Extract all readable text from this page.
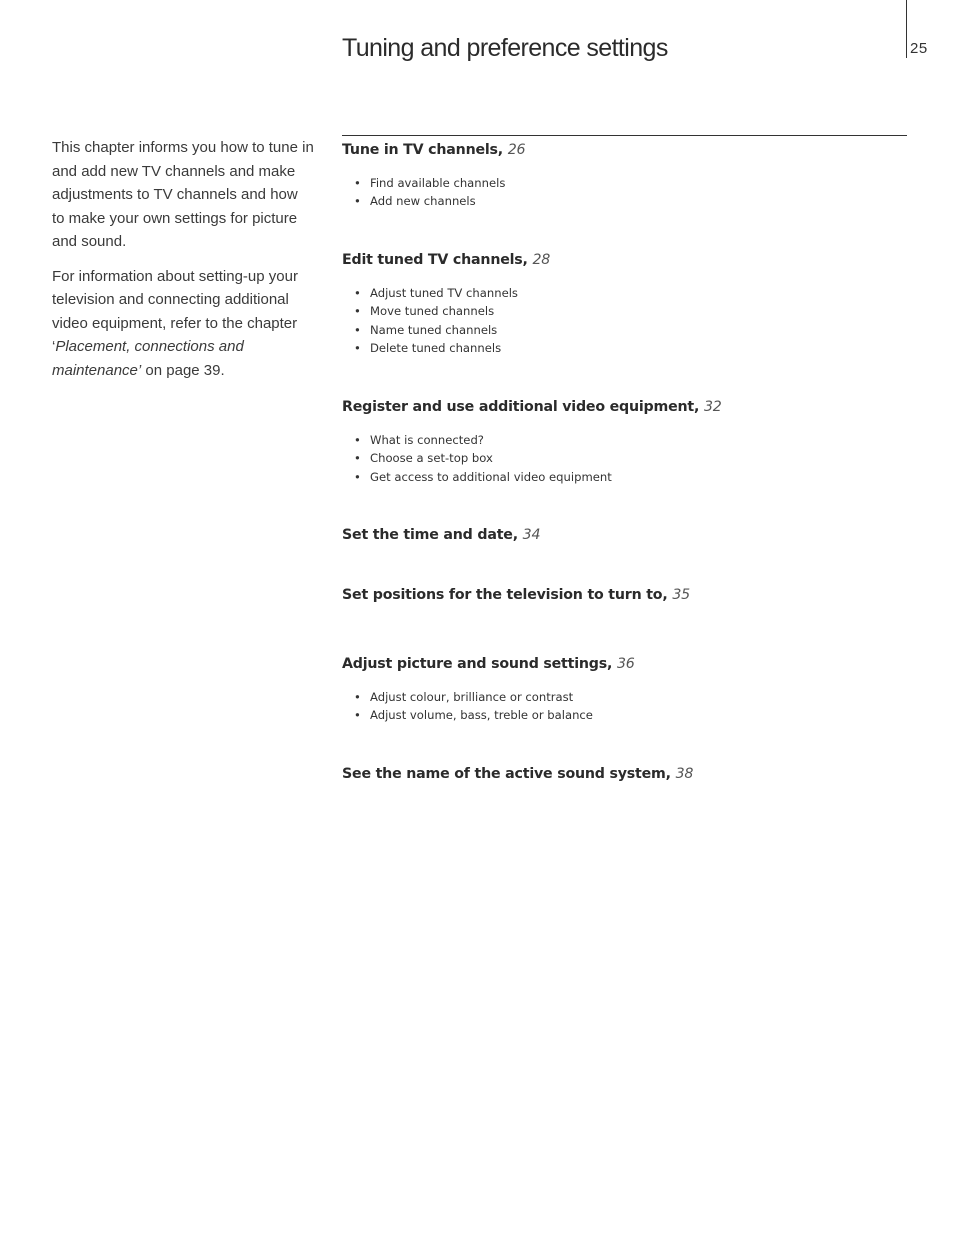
Tuning and preference settings	25

This chapter informs you how to tune in and add new TV channels and make adjustments to TV channels and how to make your own settings for picture and sound.

For information about setting-up your television and connecting additional video equipment, refer to the chapter ‘Placement, connections and maintenance’ on page 39.

Tune in TV channels, 26
• Find available channels
• Add new channels
Edit tuned TV channels, 28
• Adjust tuned TV channels
• Move tuned channels
• Name tuned channels
• Delete tuned channels
Register and use additional video equipment, 32
• What is connected?
• Choose a set-top box
• Get access to additional video equipment
Set the time and date, 34
Set positions for the television to turn to, 35
Adjust picture and sound settings, 36
• Adjust colour, brilliance or contrast
• Adjust volume, bass, treble or balance
See the name of the active sound system, 38
